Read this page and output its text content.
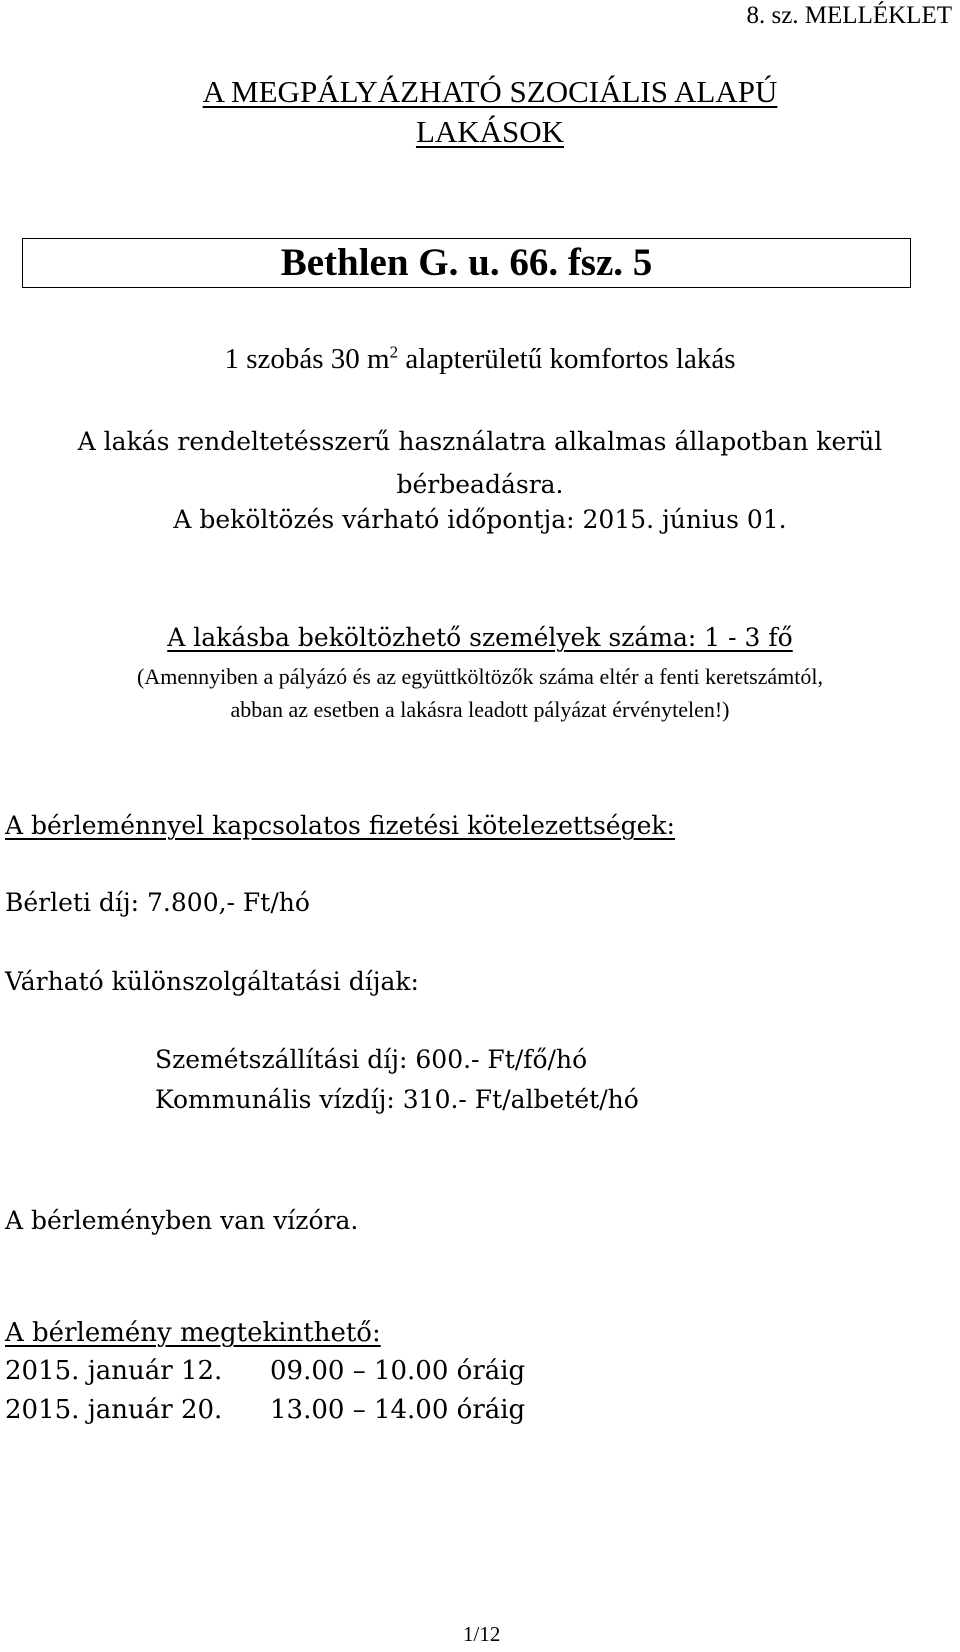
8. sz. MELLÉKLET
A MEGPÁLYÁZHATÓ SZOCIÁLIS ALAPÚ LAKÁSOK
Bethlen G. u. 66. fsz. 5
1 szobás 30 $m^2$ alapterületű komfortos lakás
A lakás rendeltetésszerű használatra alkalmas állapotban kerül
bérbeadásra.
A beköltözés várható időpontja: 2015. június 01.
A lakásba beköltözhető személyek száma: 1 - 3 fő
(Amennyiben a pályázó és az együttköltözők száma eltér a fenti keretszámtól,
abban az esetben a lakásra leadott pályázat érvénytelen!)
A bérleménnyel kapcsolatos fizetési kötelezettségek:
Bérleti díj: 7.800,- Ft/hó
Várható különszolgáltatási díjak:
Szemétszállítási díj: 600.- Ft/fő/hó
Kommunális vízdíj: 310.- Ft/albetét/hó
A bérleményben van vízóra.
A bérlemény megtekinthető:
2015. január 12. 09.00 – 10.00 óráig
2015. január 20. 13.00 – 14.00 óráig
1/12
